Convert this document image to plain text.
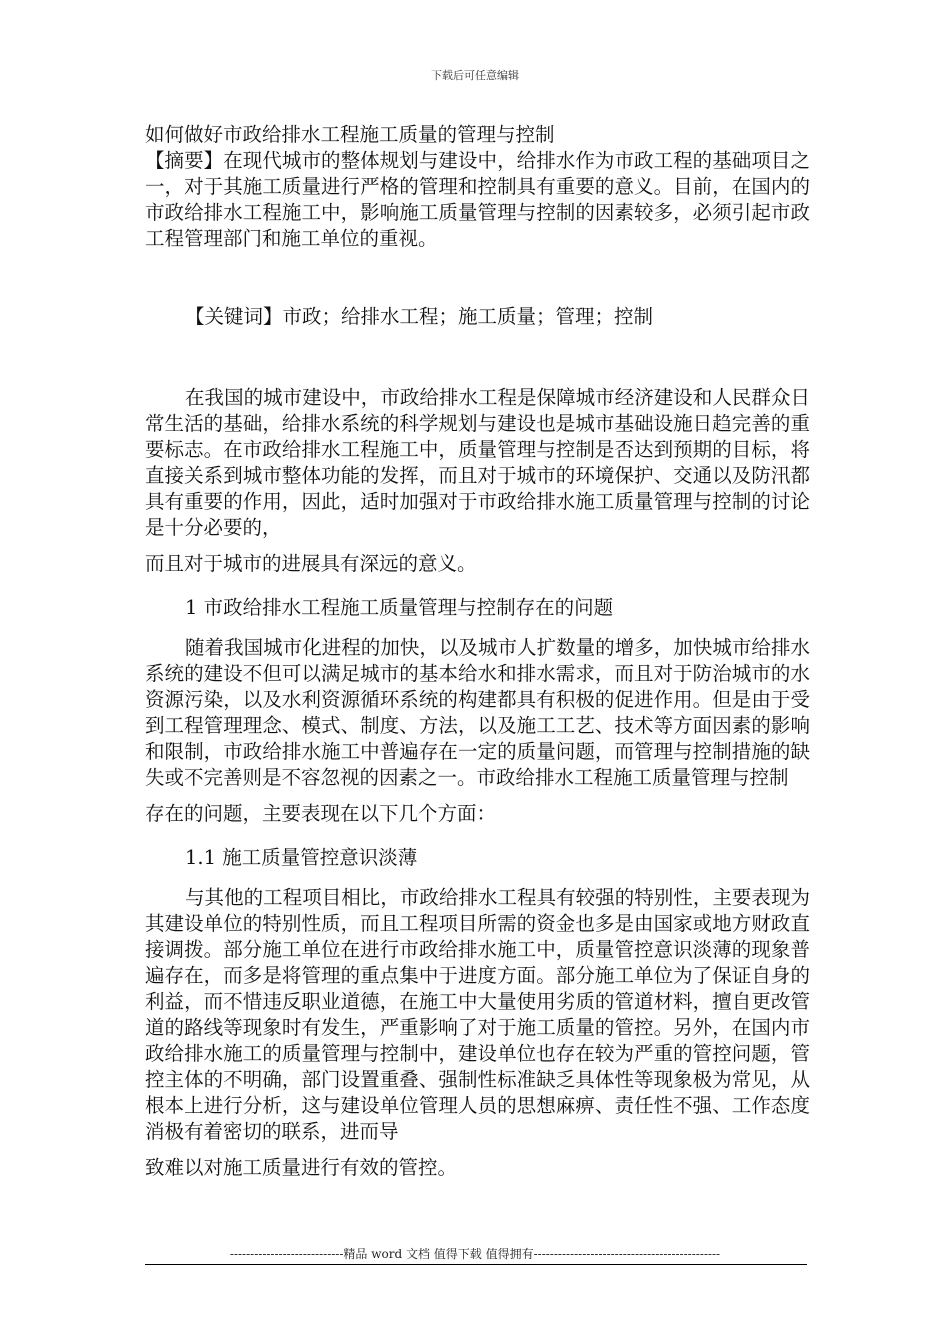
下载后可任意编辑

如何做好市政给排水工程施工质量的管理与控制

【摘要】在现代城市的整体规划与建设中，给排水作为市政工程的基础项目之一，对于其施工质量进行严格的管理和控制具有重要的意义。目前，在国内的市政给排水工程施工中，影响施工质量管理与控制的因素较多，必须引起市政工程管理部门和施工单位的重视。

【关键词】市政；给排水工程；施工质量；管理；控制

在我国的城市建设中，市政给排水工程是保障城市经济建设和人民群众日常生活的基础，给排水系统的科学规划与建设也是城市基础设施日趋完善的重要标志。在市政给排水工程施工中，质量管理与控制是否达到预期的目标，将直接关系到城市整体功能的发挥，而且对于城市的环境保护、交通以及防汛都具有重要的作用，因此，适时加强对于市政给排水施工质量管理与控制的讨论是十分必要的，

而且对于城市的进展具有深远的意义。

1 市政给排水工程施工质量管理与控制存在的问题

随着我国城市化进程的加快，以及城市人扩数量的增多，加快城市给排水系统的建设不但可以满足城市的基本给水和排水需求，而且对于防治城市的水资源污染，以及水利资源循环系统的构建都具有积极的促进作用。但是由于受到工程管理理念、模式、制度、方法，以及施工工艺、技术等方面因素的影响和限制，市政给排水施工中普遍存在一定的质量问题，而管理与控制措施的缺失或不完善则是不容忽视的因素之一。市政给排水工程施工质量管理与控制

存在的问题，主要表现在以下几个方面：

1.1 施工质量管控意识淡薄

与其他的工程项目相比，市政给排水工程具有较强的特别性，主要表现为其建设单位的特别性质，而且工程项目所需的资金也多是由国家或地方财政直接调拨。部分施工单位在进行市政给排水施工中，质量管控意识淡薄的现象普遍存在，而多是将管理的重点集中于进度方面。部分施工单位为了保证自身的利益，而不惜违反职业道德，在施工中大量使用劣质的管道材料，擅自更改管道的路线等现象时有发生，严重影响了对于施工质量的管控。另外，在国内市政给排水施工的质量管理与控制中，建设单位也存在较为严重的管控问题，管控主体的不明确，部门设置重叠、强制性标准缺乏具体性等现象极为常见，从根本上进行分析，这与建设单位管理人员的思想麻痹、责任性不强、工作态度消极有着密切的联系，进而导

致难以对施工质量进行有效的管控。

----------------------------精品 word 文档 值得下载 值得拥有----------------------------------------------
